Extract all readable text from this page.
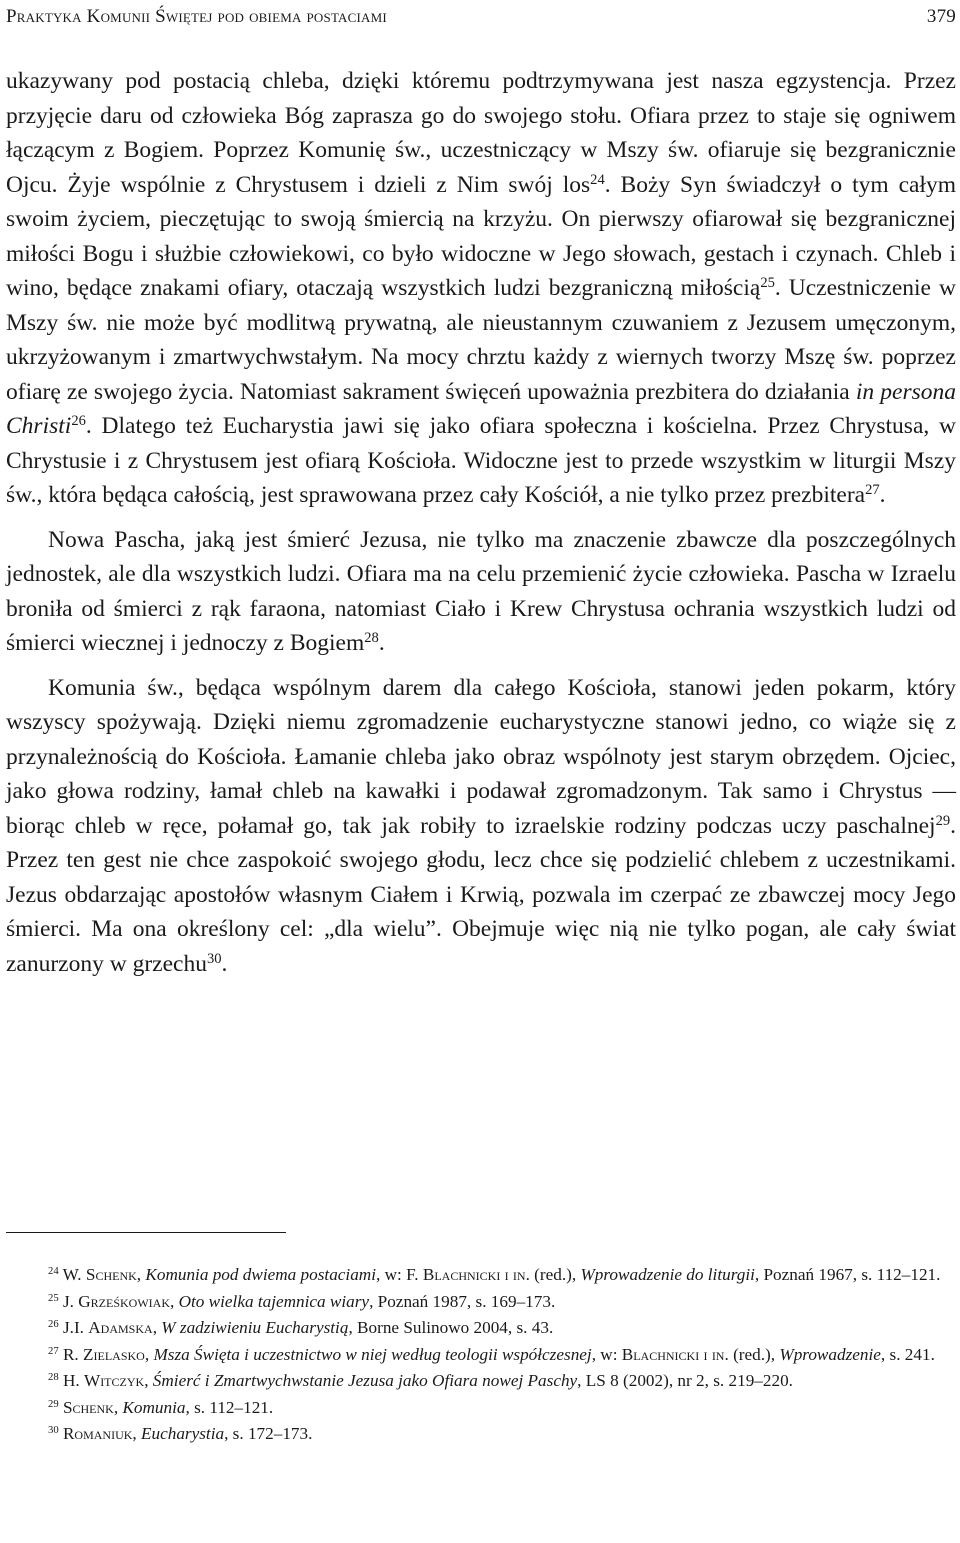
Praktyka Komunii Świętej pod obiema postaciami	379

ukazywany pod postacią chleba, dzięki któremu podtrzymywana jest nasza egzystencja. Przez przyjęcie daru od człowieka Bóg zaprasza go do swojego stołu. Ofiara przez to staje się ogniwem łączącym z Bogiem. Poprzez Komunię św., uczestniczący w Mszy św. ofiaruje się bezgranicznie Ojcu. Żyje wspólnie z Chrystusem i dzieli z Nim swój los$^{24}$. Boży Syn świadczył o tym całym swoim życiem, pieczętując to swoją śmiercią na krzyżu. On pierwszy ofiarował się bezgranicznej miłości Bogu i służbie człowiekowi, co było widoczne w Jego słowach, gestach i czynach. Chleb i wino, będące znakami ofiary, otaczają wszystkich ludzi bezgraniczną miłością$^{25}$. Uczestniczenie w Mszy św. nie może być modlitwą prywatną, ale nieustannym czuwaniem z Jezusem umęczonym, ukrzyżowanym i zmartwychwstałym. Na mocy chrztu każdy z wiernych tworzy Mszę św. poprzez ofiarę ze swojego życia. Natomiast sakrament święceń upoważnia prezbitera do działania in persona Christi$^{26}$. Dlatego też Eucharystia jawi się jako ofiara społeczna i kościelna. Przez Chrystusa, w Chrystusie i z Chrystusem jest ofiarą Kościoła. Widoczne jest to przede wszystkim w liturgii Mszy św., która będąca całością, jest sprawowana przez cały Kościół, a nie tylko przez prezbitera$^{27}$.

Nowa Pascha, jaką jest śmierć Jezusa, nie tylko ma znaczenie zbawcze dla poszczególnych jednostek, ale dla wszystkich ludzi. Ofiara ma na celu przemienić życie człowieka. Pascha w Izraelu broniła od śmierci z rąk faraona, natomiast Ciało i Krew Chrystusa ochrania wszystkich ludzi od śmierci wiecznej i jednoczy z Bogiem$^{28}$.

Komunia św., będąca wspólnym darem dla całego Kościoła, stanowi jeden pokarm, który wszyscy spożywają. Dzięki niemu zgromadzenie eucharystyczne stanowi jedno, co wiąże się z przynależnością do Kościoła. Łamanie chleba jako obraz wspólnoty jest starym obrzędem. Ojciec, jako głowa rodziny, łamał chleb na kawałki i podawał zgromadzonym. Tak samo i Chrystus — biorąc chleb w ręce, połamał go, tak jak robiły to izraelskie rodziny podczas uczy paschalnej$^{29}$. Przez ten gest nie chce zaspokoić swojego głodu, lecz chce się podzielić chlebem z uczestnikami. Jezus obdarzając apostołów własnym Ciałem i Krwią, pozwala im czerpać ze zbawczej mocy Jego śmierci. Ma ona określony cel: „dla wielu”. Obejmuje więc nią nie tylko pogan, ale cały świat zanurzony w grzechu$^{30}$.

$^{24}$ W. Schenk, Komunia pod dwiema postaciami, w: F. Blachnicki i in. (red.), Wprowadzenie do liturgii, Poznań 1967, s. 112–121.

$^{25}$ J. Grześkowiak, Oto wielka tajemnica wiary, Poznań 1987, s. 169–173.

$^{26}$ J.I. Adamska, W zadziwieniu Eucharystią, Borne Sulinowo 2004, s. 43.

$^{27}$ R. Zielasko, Msza Święta i uczestnictwo w niej według teologii współczesnej, w: Blachnicki i in. (red.), Wprowadzenie, s. 241.

$^{28}$ H. Witczyk, Śmierć i Zmartwychwstanie Jezusa jako Ofiara nowej Paschy, LS 8 (2002), nr 2, s. 219–220.

$^{29}$ Schenk, Komunia, s. 112–121.

$^{30}$ Romaniuk, Eucharystia, s. 172–173.
